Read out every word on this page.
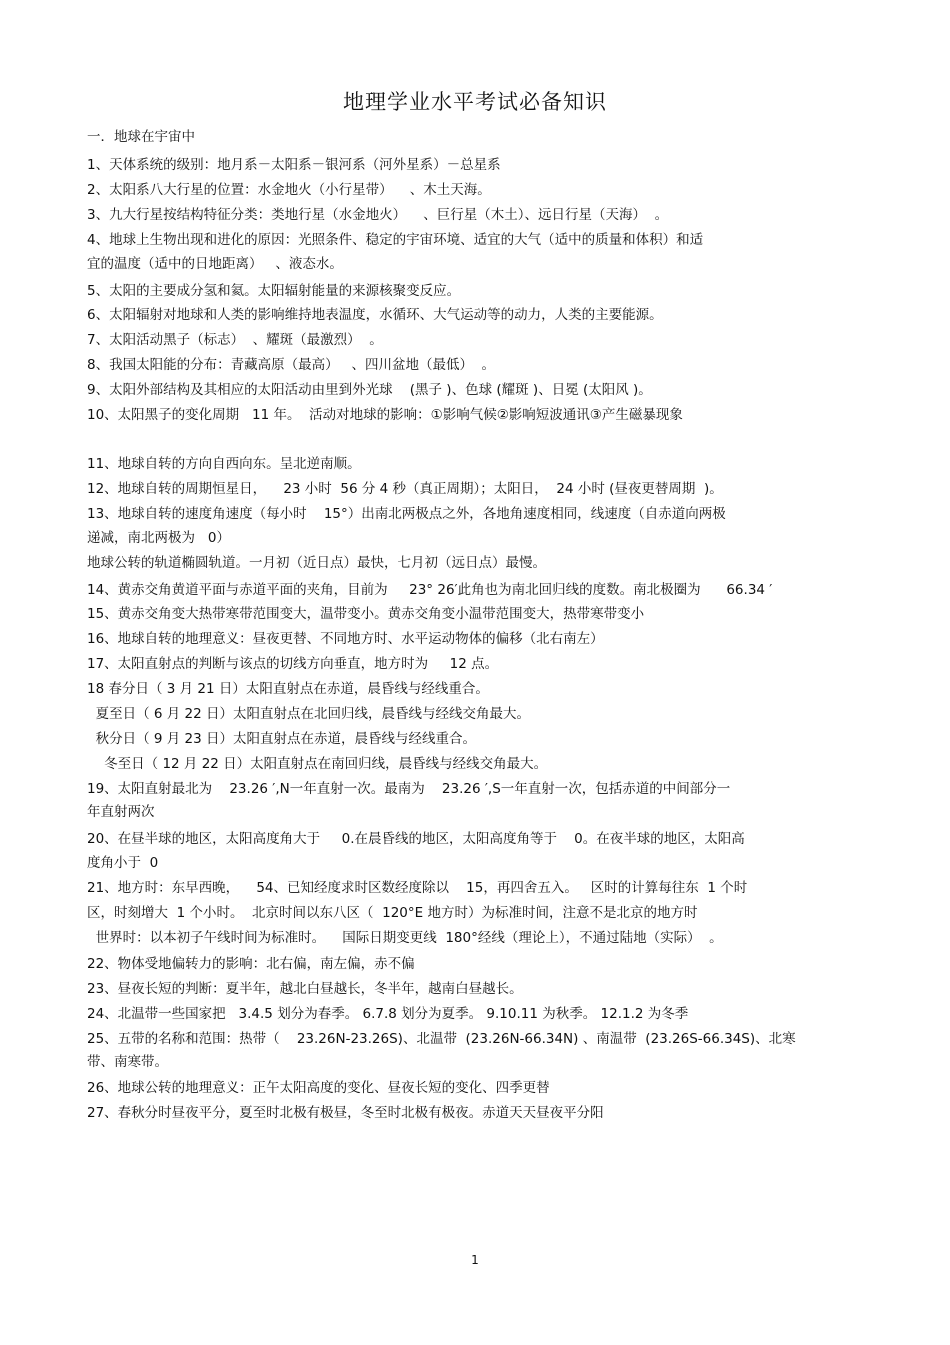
地理学业水平考试必备知识
一．地球在宇宙中
1、天体系统的级别：地月系－太阳系－银河系（河外星系）－总星系
2、太阳系八大行星的位置：水金地火（小行星带）    、木土天海。
3、九大行星按结构特征分类：类地行星（水金地火）    、巨行星（木土）、远日行星（天海）  。
4、地球上生物出现和进化的原因：光照条件、稳定的宇宙环境、适宜的大气（适中的质量和体积）和适
宜的温度（适中的日地距离）   、液态水。
5、太阳的主要成分氢和氦。太阳辐射能量的来源核聚变反应。
6、太阳辐射对地球和人类的影响维持地表温度，水循环、大气运动等的动力，人类的主要能源。
7、太阳活动黑子（标志）  、耀斑（最激烈）  。
8、我国太阳能的分布：青藏高原（最高）   、四川盆地（最低）  。
9、太阳外部结构及其相应的太阳活动由里到外光球    (黑子 )、色球 (耀斑 )、日冕 (太阳风 )。
10、太阳黑子的变化周期   11 年。  活动对地球的影响：①影响气候②影响短波通讯③产生磁暴现象
11、地球自转的方向自西向东。呈北逆南顺。
12、地球自转的周期恒星日，    23 小时  56 分 4 秒（真正周期）；太阳日，  24 小时 (昼夜更替周期  )。
13、地球自转的速度角速度（每小时    15°）出南北两极点之外，各地角速度相同，线速度（自赤道向两极
递减，南北两极为   0）
地球公转的轨道椭圆轨道。一月初（近日点）最快，七月初（远日点）最慢。
14、黄赤交角黄道平面与赤道平面的夹角，目前为     23° 26′此角也为南北回归线的度数。南北极圈为      66.34 ′
15、黄赤交角变大热带寒带范围变大，温带变小。黄赤交角变小温带范围变大，热带寒带变小
16、地球自转的地理意义：昼夜更替、不同地方时、水平运动物体的偏移（北右南左）
17、太阳直射点的判断与该点的切线方向垂直，地方时为     12 点。
18 春分日（ 3 月 21 日）太阳直射点在赤道，晨昏线与经线重合。
夏至日（ 6 月 22 日）太阳直射点在北回归线，晨昏线与经线交角最大。
秋分日（ 9 月 23 日）太阳直射点在赤道，晨昏线与经线重合。
冬至日（ 12 月 22 日）太阳直射点在南回归线，晨昏线与经线交角最大。
19、太阳直射最北为    23.26 ′,N一年直射一次。最南为    23.26 ′,S一年直射一次，包括赤道的中间部分一
年直射两次
20、在昼半球的地区，太阳高度角大于     0.在晨昏线的地区，太阳高度角等于    0。在夜半球的地区，太阳高
度角小于  0
21、地方时：东早西晚，    54、已知经度求时区数经度除以    15，再四舍五入。   区时的计算每往东  1 个时
区，时刻增大  1 个小时。  北京时间以东八区（  120°E 地方时）为标准时间，注意不是北京的地方时
世界时：以本初子午线时间为标准时。    国际日期变更线  180°经线（理论上），不通过陆地（实际）  。
22、物体受地偏转力的影响：北右偏，南左偏，赤不偏
23、昼夜长短的判断：夏半年，越北白昼越长，冬半年，越南白昼越长。
24、北温带一些国家把   3.4.5 划分为春季。 6.7.8 划分为夏季。 9.10.11 为秋季。 12.1.2 为冬季
25、五带的名称和范围：热带（    23.26N-23.26S)、北温带  (23.26N-66.34N) 、南温带  (23.26S-66.34S)、北寒
带、南寒带。
26、地球公转的地理意义：正午太阳高度的变化、昼夜长短的变化、四季更替
27、春秋分时昼夜平分，夏至时北极有极昼，冬至时北极有极夜。赤道天天昼夜平分阳
1
